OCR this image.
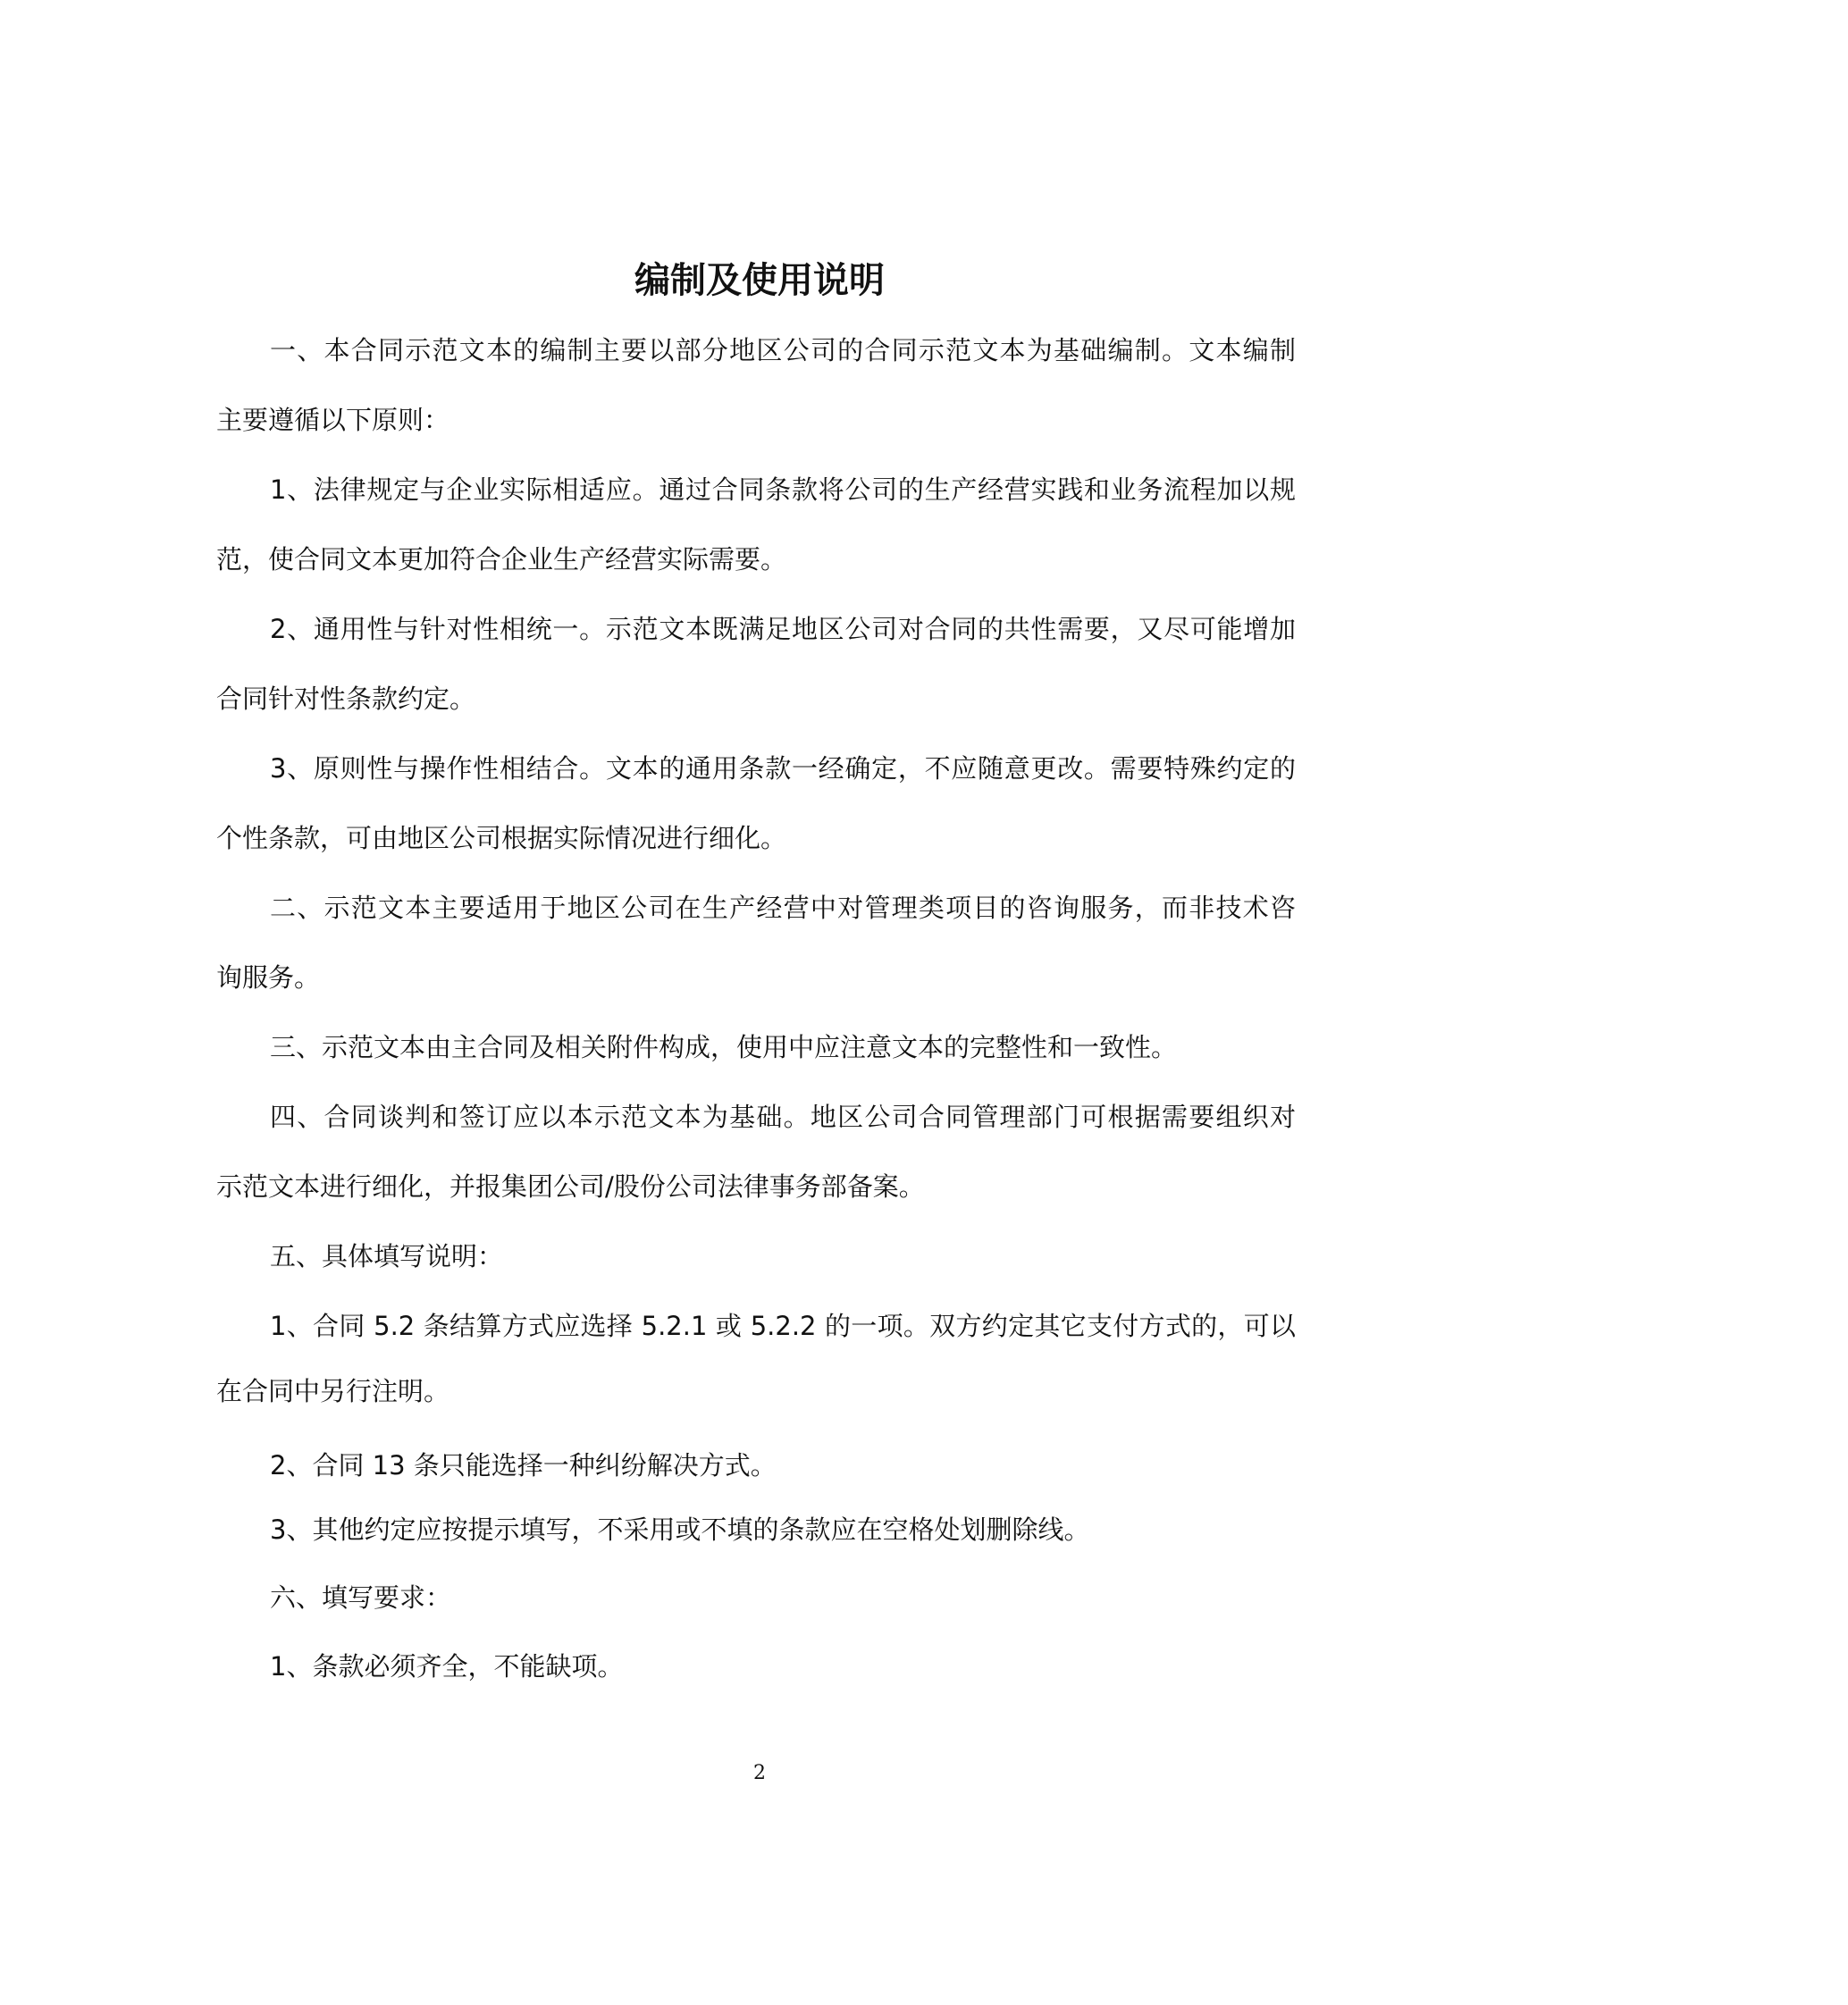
编制及使用说明
一、本合同示范文本的编制主要以部分地区公司的合同示范文本为基础编制。文本编制
主要遵循以下原则：
1、法律规定与企业实际相适应。通过合同条款将公司的生产经营实践和业务流程加以规
范，使合同文本更加符合企业生产经营实际需要。
2、通用性与针对性相统一。示范文本既满足地区公司对合同的共性需要，又尽可能增加
合同针对性条款约定。
3、原则性与操作性相结合。文本的通用条款一经确定，不应随意更改。需要特殊约定的
个性条款，可由地区公司根据实际情况进行细化。
二、示范文本主要适用于地区公司在生产经营中对管理类项目的咨询服务，而非技术咨
询服务。
三、示范文本由主合同及相关附件构成，使用中应注意文本的完整性和一致性。
四、合同谈判和签订应以本示范文本为基础。地区公司合同管理部门可根据需要组织对
示范文本进行细化，并报集团公司/股份公司法律事务部备案。
五、具体填写说明：
1、合同 5.2 条结算方式应选择 5.2.1 或 5.2.2 的一项。双方约定其它支付方式的，可以
在合同中另行注明。
2、合同 13 条只能选择一种纠纷解决方式。
3、其他约定应按提示填写，不采用或不填的条款应在空格处划删除线。
六、填写要求：
1、条款必须齐全，不能缺项。
2
